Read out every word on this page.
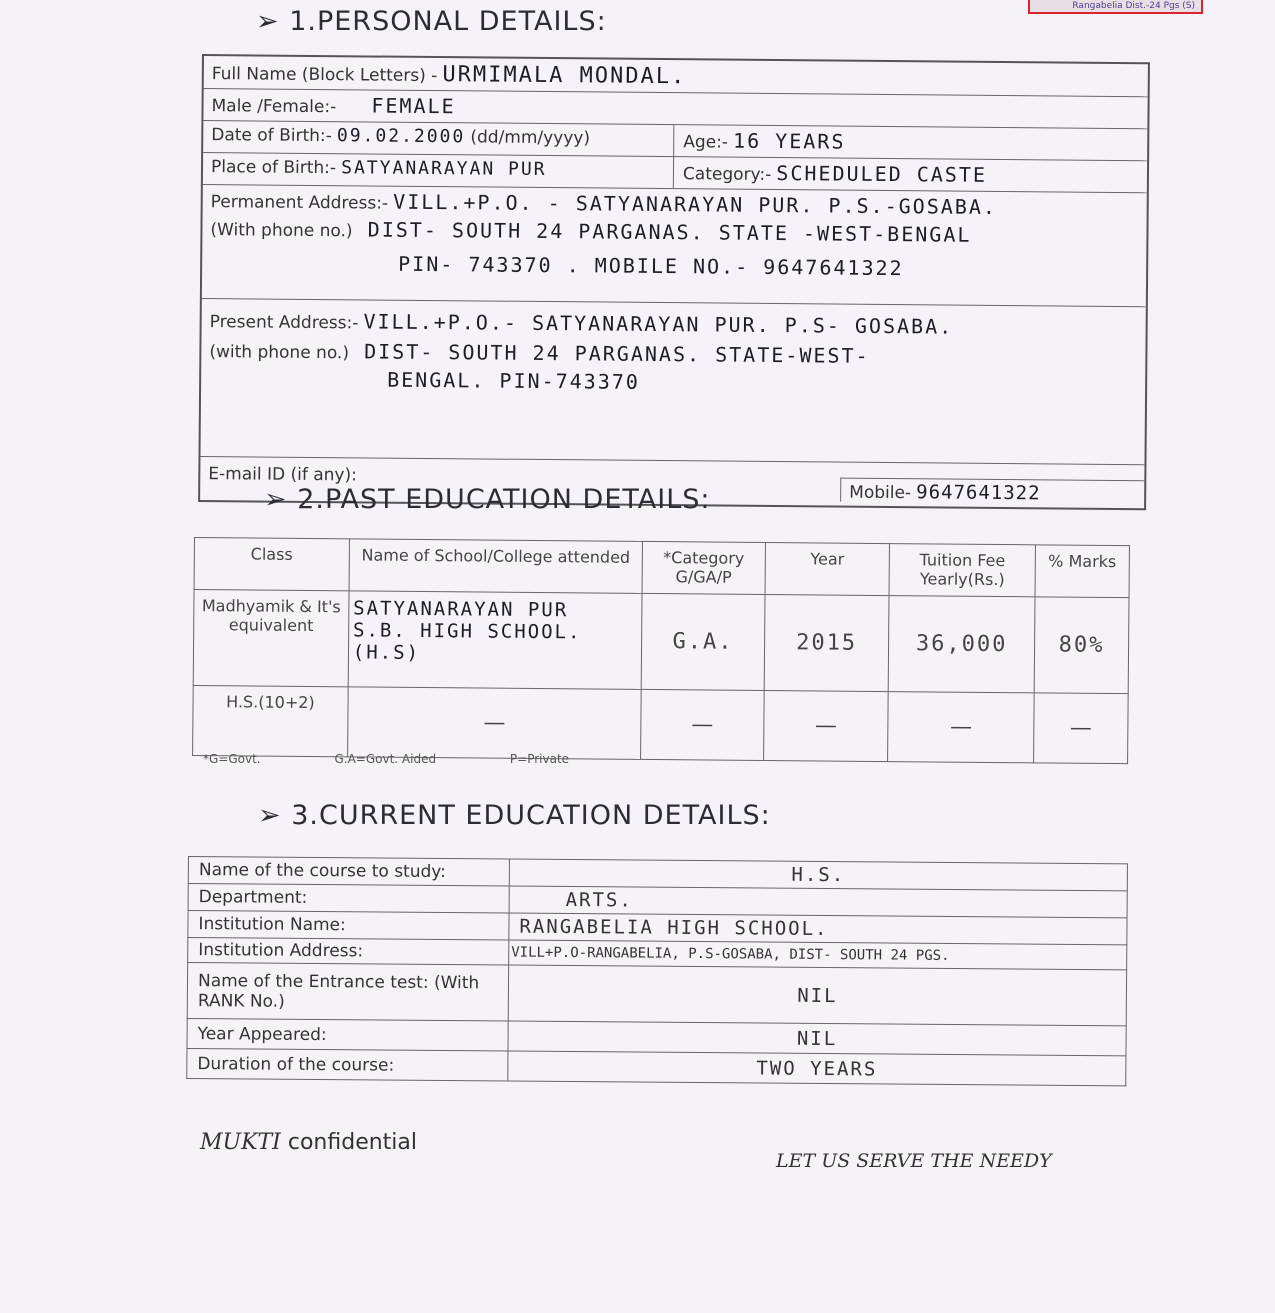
Rangabelia Dist.-24 Pgs (S)
➢ 1.PERSONAL DETAILS:
Full Name (Block Letters) - URMIMALA MONDAL.
Male /Female:- FEMALE
Date of Birth:- 09.02.2000 (dd/mm/yyyy)	Age:- 16 YEARS
Place of Birth:- SATYANARAYAN PUR	Category:- SCHEDULED CASTE
Permanent Address:- VILL.+P.O. - SATYANARAYAN PUR. P.S.-GOSABA.
(With phone no.) DIST- SOUTH 24 PARGANAS. STATE -WEST-BENGAL
PIN- 743370 . MOBILE NO.- 9647641322
Present Address:- VILL.+P.O.- SATYANARAYAN PUR. P.S- GOSABA.
(with phone no.) DIST- SOUTH 24 PARGANAS. STATE-WEST-
BENGAL. PIN-743370
E-mail ID (if any):
Mobile- 9647641322
➢ 2.PAST EDUCATION DETAILS:
Class	Name of School/College attended	*Category G/GA/P	Year	Tuition Fee Yearly(Rs.)	% Marks
Madhyamik & It's equivalent	SATYANARAYAN PUR
S.B. HIGH SCHOOL.
(H.S)	G.A.	2015	36,000	80%
H.S.(10+2)	—	—	—	—	—
*G=Govt.	G.A=Govt. Aided	P=Private
➢ 3.CURRENT EDUCATION DETAILS:
Name of the course to study:	H.S.
Department:	ARTS.
Institution Name:	RANGABELIA HIGH SCHOOL.
Institution Address:	VILL+P.O-RANGABELIA, P.S-GOSABA, DIST- SOUTH 24 PGS.
Name of the Entrance test: (With RANK No.)	NIL
Year Appeared:	NIL
Duration of the course:	TWO YEARS
MUKTI confidential
LET US SERVE THE NEEDY
